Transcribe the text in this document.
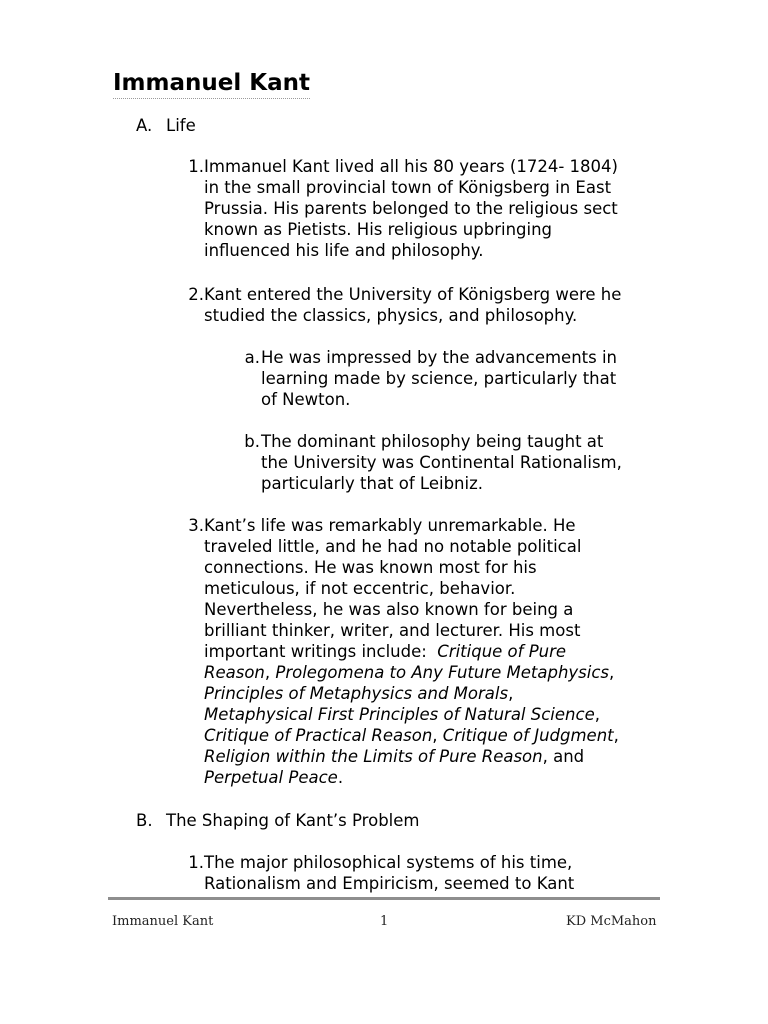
Immanuel Kant
A. Life
1. Immanuel Kant lived all his 80 years (1724- 1804)
in the small provincial town of Königsberg in East
Prussia. His parents belonged to the religious sect
known as Pietists. His religious upbringing
influenced his life and philosophy.
2. Kant entered the University of Königsberg were he
studied the classics, physics, and philosophy.
a. He was impressed by the advancements in
learning made by science, particularly that
of Newton.
b. The dominant philosophy being taught at
the University was Continental Rationalism,
particularly that of Leibniz.
3. Kant’s life was remarkably unremarkable. He
traveled little, and he had no notable political
connections. He was known most for his
meticulous, if not eccentric, behavior.
Nevertheless, he was also known for being a
brilliant thinker, writer, and lecturer. His most
important writings include:  Critique of Pure
Reason, Prolegomena to Any Future Metaphysics,
Principles of Metaphysics and Morals,
Metaphysical First Principles of Natural Science,
Critique of Practical Reason, Critique of Judgment,
Religion within the Limits of Pure Reason, and
Perpetual Peace.
B. The Shaping of Kant’s Problem
1. The major philosophical systems of his time,
Rationalism and Empiricism, seemed to Kant
Immanuel Kant	1	KD McMahon
